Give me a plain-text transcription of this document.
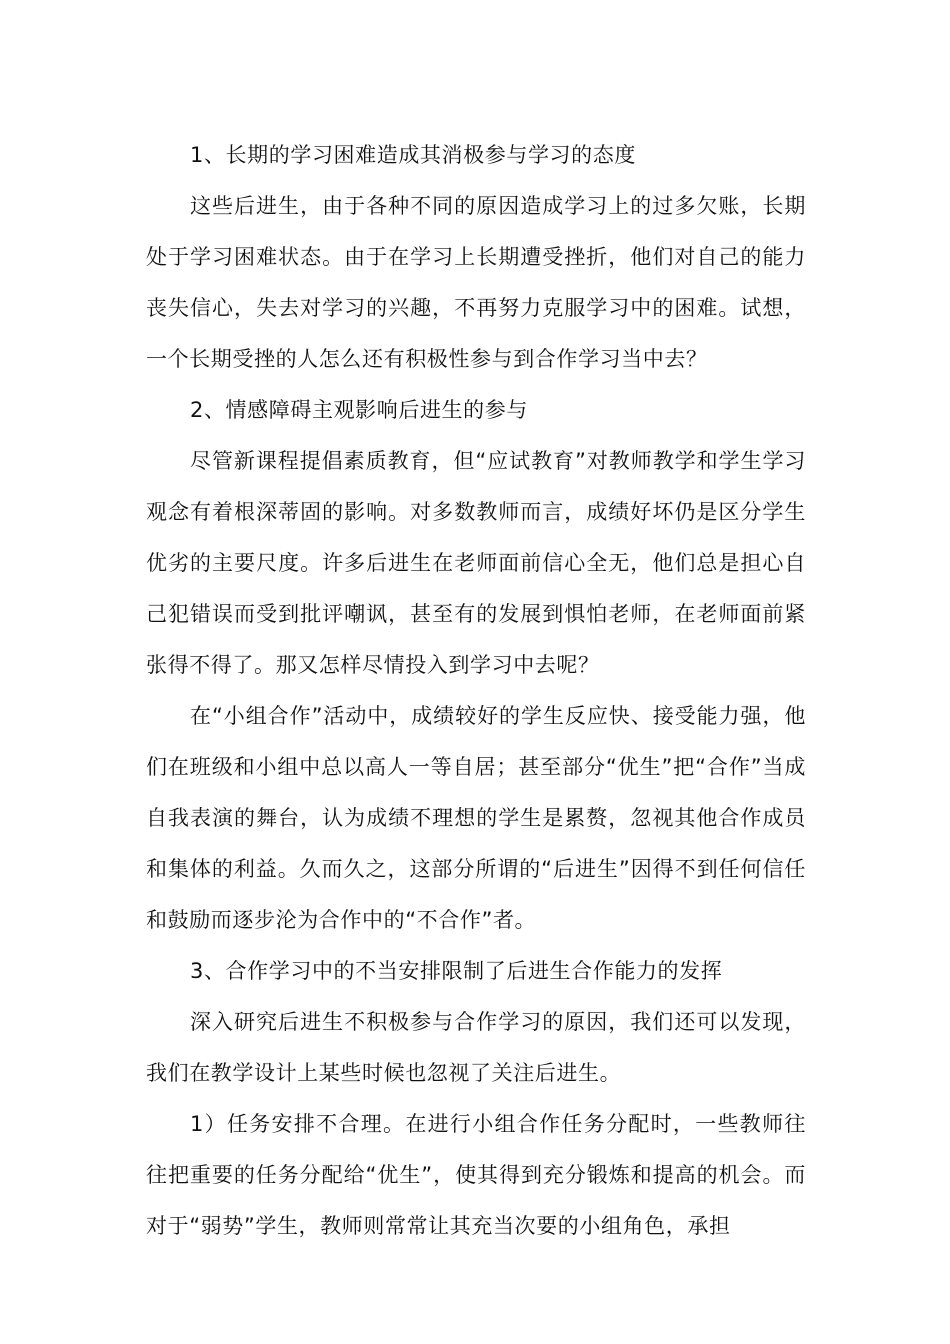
1、长期的学习困难造成其消极参与学习的态度

这些后进生，由于各种不同的原因造成学习上的过多欠账，长期处于学习困难状态。由于在学习上长期遭受挫折，他们对自己的能力丧失信心，失去对学习的兴趣，不再努力克服学习中的困难。试想，一个长期受挫的人怎么还有积极性参与到合作学习当中去？

2、情感障碍主观影响后进生的参与

尽管新课程提倡素质教育，但“应试教育”对教师教学和学生学习观念有着根深蒂固的影响。对多数教师而言，成绩好坏仍是区分学生优劣的主要尺度。许多后进生在老师面前信心全无，他们总是担心自己犯错误而受到批评嘲讽，甚至有的发展到惧怕老师，在老师面前紧张得不得了。那又怎样尽情投入到学习中去呢？

在“小组合作”活动中，成绩较好的学生反应快、接受能力强，他们在班级和小组中总以高人一等自居；甚至部分“优生”把“合作”当成自我表演的舞台，认为成绩不理想的学生是累赘，忽视其他合作成员和集体的利益。久而久之，这部分所谓的“后进生”因得不到任何信任和鼓励而逐步沦为合作中的“不合作”者。

3、合作学习中的不当安排限制了后进生合作能力的发挥

深入研究后进生不积极参与合作学习的原因，我们还可以发现，我们在教学设计上某些时候也忽视了关注后进生。

1）任务安排不合理。在进行小组合作任务分配时，一些教师往往把重要的任务分配给“优生”，使其得到充分锻炼和提高的机会。而对于“弱势”学生，教师则常常让其充当次要的小组角色，承担
